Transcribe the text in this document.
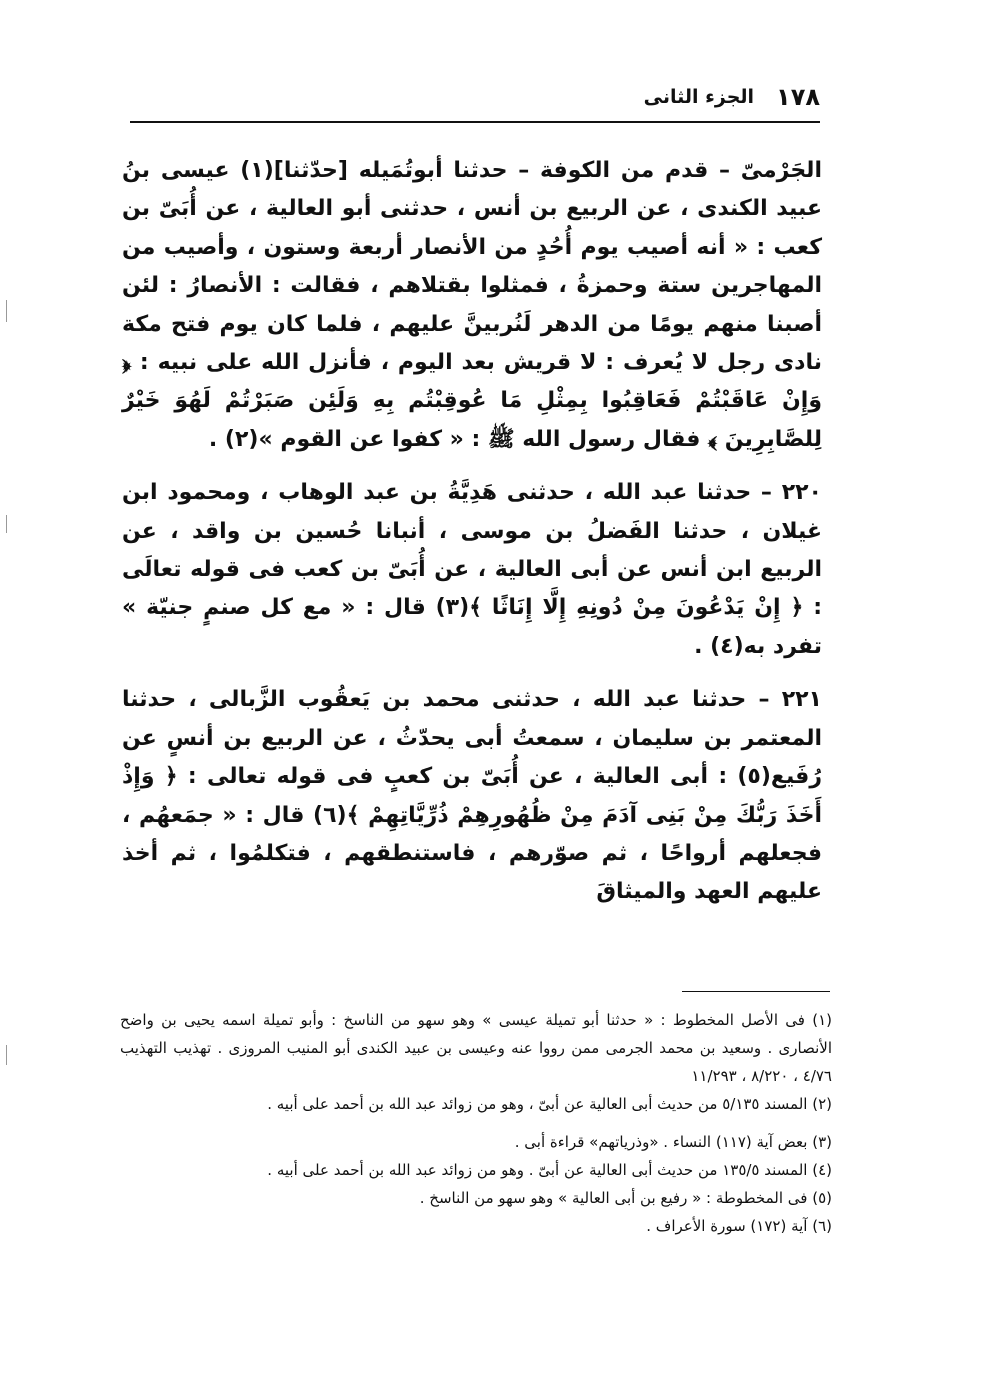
١٧٨
الجزء الثانى

الجَرْمىّ – قدم من الكوفة – حدثنا أبوتُمَيله [حدّثنا](١) عيسى بنُ عبيد الكندى ، عن الربيع بن أنس ، حدثنى أبو العالية ، عن أُبَىّ بن كعب : « أنه أصيب يوم أُحُدٍ من الأنصار أربعة وستون ، وأصيب من المهاجرين ستة وحمزةُ ، فمثلوا بقتلاهم ، فقالت : الأنصارُ : لئن أصبنا منهم يومًا من الدهر لَنُربينَّ عليهم ، فلما كان يوم فتح مكة نادى رجل لا يُعرف : لا قريش بعد اليوم ، فأنزل الله على نبيه : ﴿ وَإِنْ عَاقَبْتُمْ فَعَاقِبُوا بِمِثْلِ مَا عُوقِبْتُم بِهِ وَلَئِن صَبَرْتُمْ لَهُوَ خَيْرٌ لِلصَّابِرِينَ ﴾ فقال رسول الله ﷺ : « كفوا عن القوم »(٢) .

٢٢٠ – حدثنا عبد الله ، حدثنى هَدِيَّةُ بن عبد الوهاب ، ومحمود ابن غيلان ، حدثنا الفَضلُ بن موسى ، أنبانا حُسين بن واقد ، عن الربيع ابن أنس عن أبى العالية ، عن أُبَىّ بن كعب فى قوله تعالَى : ﴿ إِنْ يَدْعُونَ مِنْ دُونِهِ إِلَّا إِنَاثًا ﴾(٣) قال : « مع كل صنمٍ جنيّة » تفرد به(٤) .

٢٢١ – حدثنا عبد الله ، حدثنى محمد بن يَعقُوب الزَّبالى ، حدثنا المعتمر بن سليمان ، سمعتُ أبى يحدّثُ ، عن الربيع بن أنسٍ عن رُفَيع(٥) : أبى العالية ، عن أُبَىّ بن كعبٍ فى قوله تعالى : ﴿ وَإِذْ أَخَذَ رَبُّكَ مِنْ بَنِى آدَمَ مِنْ ظُهُورِهِمْ ذُرِّيَّاتِهِمْ ﴾(٦) قال : « جمَعهُم ، فجعلهم أرواحًا ، ثم صوّرهم ، فاستنطقهم ، فتكلمُوا ، ثم أخذ عليهم العهد والميثاقَ

(١) فى الأصل المخطوط : « حدثنا أبو تميلة عيسى » وهو سهو من الناسخ : وأبو تميلة اسمه يحيى بن واضح الأنصارى . وسعيد بن محمد الجرمى ممن رووا عنه وعيسى بن عبيد الكندى أبو المنيب المروزى . تهذيب التهذيب ٤/٧٦ ، ٨/٢٢٠ ، ١١/٢٩٣

(٢) المسند ٥/١٣٥ من حديث أبى العالية عن أبىّ ، وهو من زوائد عبد الله بن أحمد على أبيه .

(٣) بعض آية (١١٧) النساء . «وذرياتهم» قراءة أبى .

(٤) المسند ١٣٥/٥ من حديث أبى العالية عن أبىّ . وهو من زوائد عبد الله بن أحمد على أبيه .

(٥) فى المخطوطة : « رفيع بن أبى العالية » وهو سهو من الناسخ .

(٦) آية (١٧٢) سورة الأعراف .
